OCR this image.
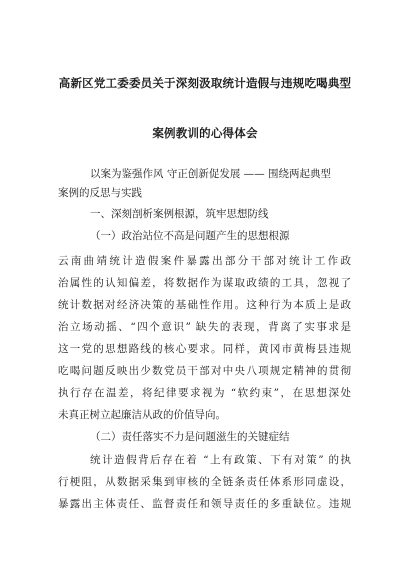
高新区党工委委员关于深刻汲取统计造假与违规吃喝典型
案例教训的心得体会
以案为鉴强作风 守正创新促发展 —— 围绕两起典型
案例的反思与实践
一、深刻剖析案例根源，筑牢思想防线
（一）政治站位不高是问题产生的思想根源
云南曲靖统计造假案件暴露出部分干部对统计工作政
治属性的认知偏差，将数据作为谋取政绩的工具，忽视了
统计数据对经济决策的基础性作用。这种行为本质上是政
治立场动摇、“四个意识” 缺失的表现，背离了实事求是
这一党的思想路线的核心要求。同样，黄冈市黄梅县违规
吃喝问题反映出少数党员干部对中央八项规定精神的贯彻
执行存在温差，将纪律要求视为 “软约束”，在思想深处
未真正树立起廉洁从政的价值导向。
（二）责任落实不力是问题滋生的关键症结
统计造假背后存在着 “上有政策、下有对策” 的执
行梗阻，从数据采集到审核的全链条责任体系形同虚设，
暴露出主体责任、监督责任和领导责任的多重缺位。违规
